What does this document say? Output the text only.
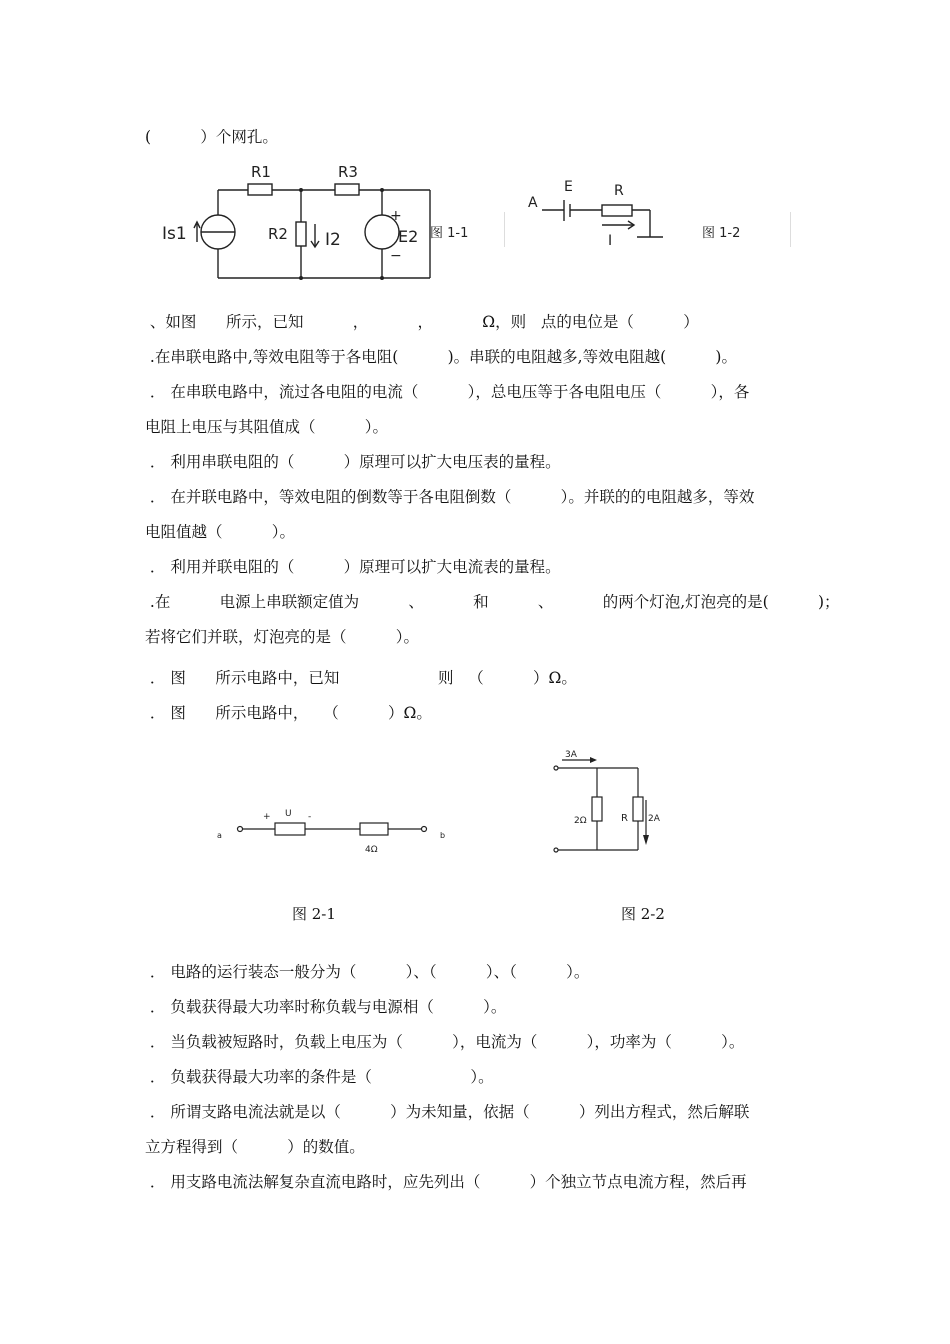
(          ）个网孔。
R1	R3
Is1	R2 I2
+
E2
−
图 1-1
A
E	R
I	图 1-2
、如图      所示，已知          ，          ，          Ω，则   点的电位是（          ）
.在串联电路中,等效电阻等于各电阻(          )。串联的电阻越多,等效电阻越(          )。
． 在串联电路中，流过各电阻的电流（          ），总电压等于各电阻电压（          ），各
电阻上电压与其阻值成（          ）。
． 利用串联电阻的（          ）原理可以扩大电压表的量程。
． 在并联电路中，等效电阻的倒数等于各电阻倒数（          ）。并联的的电阻越多，等效
电阻值越（          ）。
． 利用并联电阻的（          ）原理可以扩大电流表的量程。
.在          电源上串联额定值为          、          和          、          的两个灯泡,灯泡亮的是(          )；
若将它们并联，灯泡亮的是（          ）。
． 图      所示电路中，已知                    则   （          ）Ω。
． 图      所示电路中，   （          ）Ω。
a
+ U -
4Ω
b
3A
2Ω	R 2A
图 2-1	图 2-2
． 电路的运行装态一般分为（          ）、（          ）、（          ）。
． 负载获得最大功率时称负载与电源相（          ）。
． 当负载被短路时，负载上电压为（          ），电流为（          ），功率为（          ）。
． 负载获得最大功率的条件是（                    ）。
． 所谓支路电流法就是以（          ）为未知量，依据（          ）列出方程式，然后解联
立方程得到（          ）的数值。
． 用支路电流法解复杂直流电路时，应先列出（          ）个独立节点电流方程，然后再
